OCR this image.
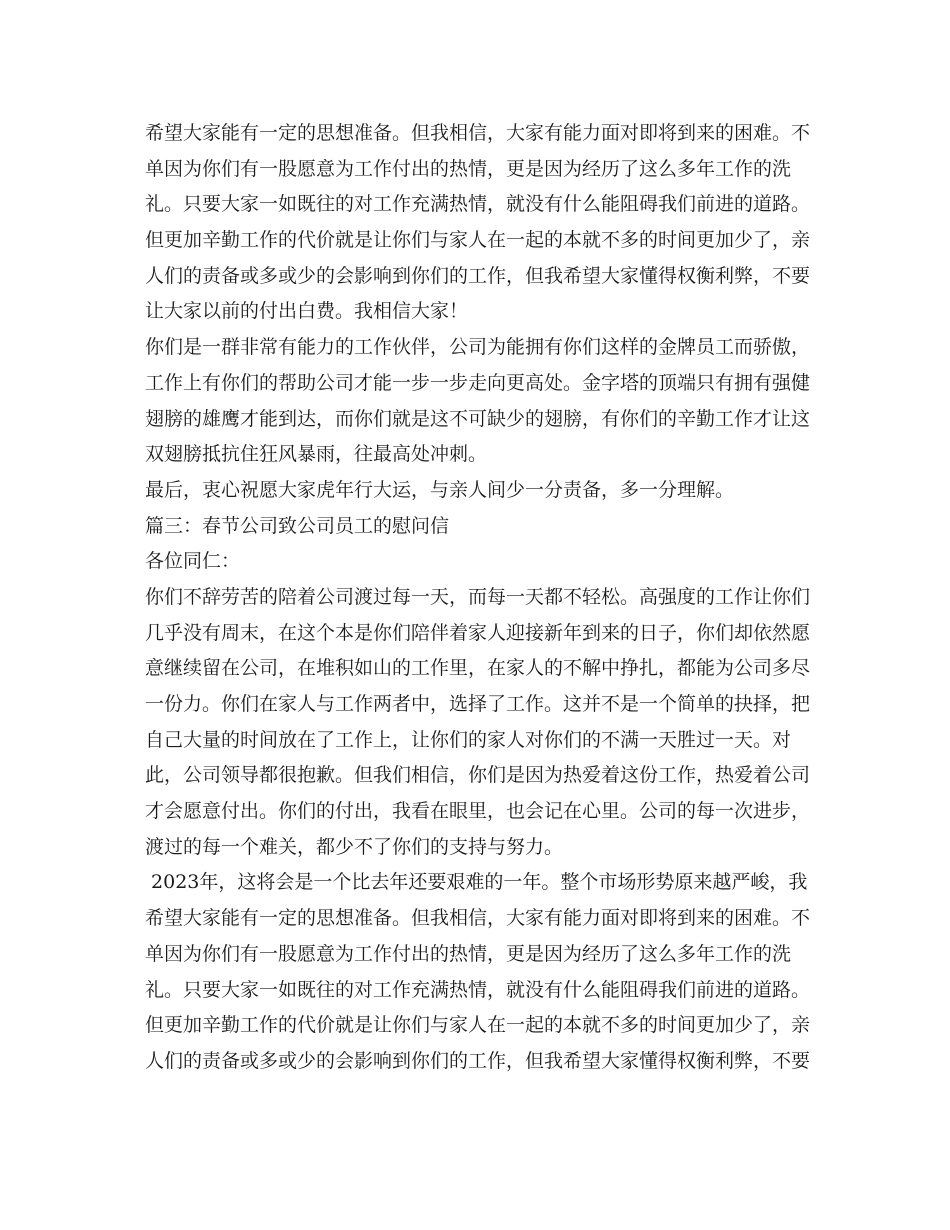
希望大家能有一定的思想准备。但我相信，大家有能力面对即将到来的困难。不
单因为你们有一股愿意为工作付出的热情，更是因为经历了这么多年工作的洗
礼。只要大家一如既往的对工作充满热情，就没有什么能阻碍我们前进的道路。
但更加辛勤工作的代价就是让你们与家人在一起的本就不多的时间更加少了，亲
人们的责备或多或少的会影响到你们的工作，但我希望大家懂得权衡利弊，不要
让大家以前的付出白费。我相信大家！
你们是一群非常有能力的工作伙伴，公司为能拥有你们这样的金牌员工而骄傲，
工作上有你们的帮助公司才能一步一步走向更高处。金字塔的顶端只有拥有强健
翅膀的雄鹰才能到达，而你们就是这不可缺少的翅膀，有你们的辛勤工作才让这
双翅膀抵抗住狂风暴雨，往最高处冲刺。
最后，衷心祝愿大家虎年行大运，与亲人间少一分责备，多一分理解。
篇三：春节公司致公司员工的慰问信
各位同仁：
你们不辞劳苦的陪着公司渡过每一天，而每一天都不轻松。高强度的工作让你们
几乎没有周末，在这个本是你们陪伴着家人迎接新年到来的日子，你们却依然愿
意继续留在公司，在堆积如山的工作里，在家人的不解中挣扎，都能为公司多尽
一份力。你们在家人与工作两者中，选择了工作。这并不是一个简单的抉择，把
自己大量的时间放在了工作上，让你们的家人对你们的不满一天胜过一天。对
此，公司领导都很抱歉。但我们相信，你们是因为热爱着这份工作，热爱着公司
才会愿意付出。你们的付出，我看在眼里，也会记在心里。公司的每一次进步，
渡过的每一个难关，都少不了你们的支持与努力。
2023年，这将会是一个比去年还要艰难的一年。整个市场形势原来越严峻，我
希望大家能有一定的思想准备。但我相信，大家有能力面对即将到来的困难。不
单因为你们有一股愿意为工作付出的热情，更是因为经历了这么多年工作的洗
礼。只要大家一如既往的对工作充满热情，就没有什么能阻碍我们前进的道路。
但更加辛勤工作的代价就是让你们与家人在一起的本就不多的时间更加少了，亲
人们的责备或多或少的会影响到你们的工作，但我希望大家懂得权衡利弊，不要
